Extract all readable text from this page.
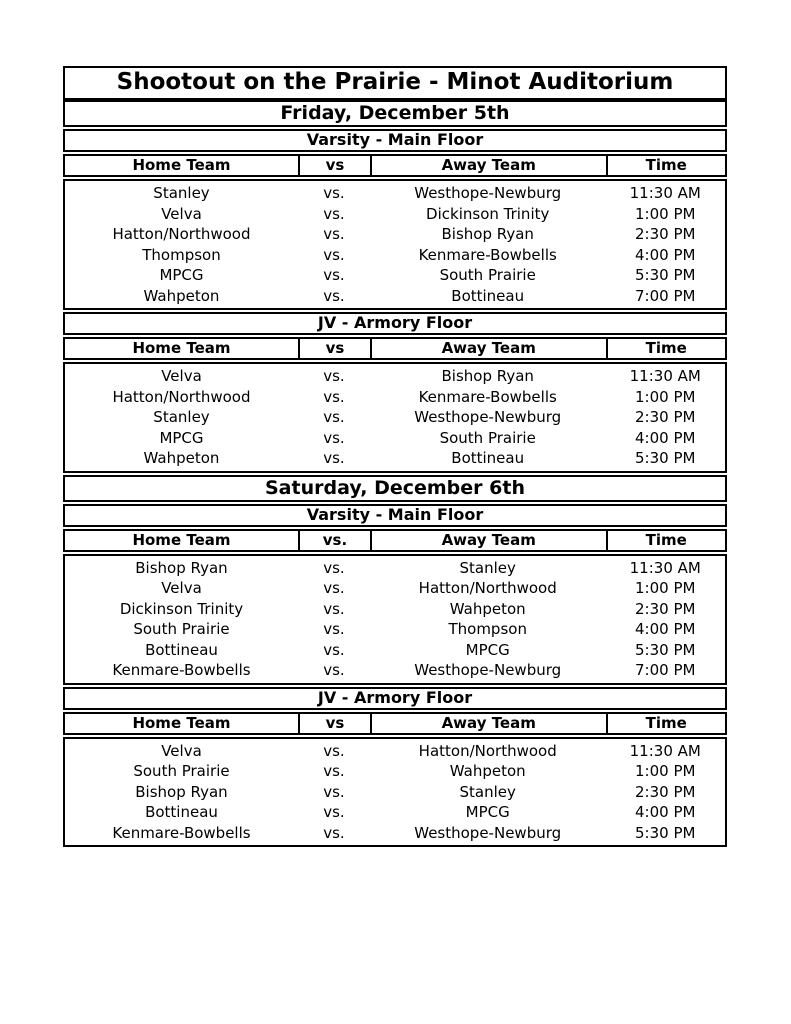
Shootout on the Prairie - Minot Auditorium
Friday, December 5th
Varsity - Main Floor
Home Team	vs	Away Team	Time
Stanley	vs.	Westhope-Newburg	11:30 AM
Velva	vs.	Dickinson Trinity	1:00 PM
Hatton/Northwood	vs.	Bishop Ryan	2:30 PM
Thompson	vs.	Kenmare-Bowbells	4:00 PM
MPCG	vs.	South Prairie	5:30 PM
Wahpeton	vs.	Bottineau	7:00 PM
JV - Armory Floor
Home Team	vs	Away Team	Time
Velva	vs.	Bishop Ryan	11:30 AM
Hatton/Northwood	vs.	Kenmare-Bowbells	1:00 PM
Stanley	vs.	Westhope-Newburg	2:30 PM
MPCG	vs.	South Prairie	4:00 PM
Wahpeton	vs.	Bottineau	5:30 PM
Saturday, December 6th
Varsity - Main Floor
Home Team	vs.	Away Team	Time
Bishop Ryan	vs.	Stanley	11:30 AM
Velva	vs.	Hatton/Northwood	1:00 PM
Dickinson Trinity	vs.	Wahpeton	2:30 PM
South Prairie	vs.	Thompson	4:00 PM
Bottineau	vs.	MPCG	5:30 PM
Kenmare-Bowbells	vs.	Westhope-Newburg	7:00 PM
JV - Armory Floor
Home Team	vs	Away Team	Time
Velva	vs.	Hatton/Northwood	11:30 AM
South Prairie	vs.	Wahpeton	1:00 PM
Bishop Ryan	vs.	Stanley	2:30 PM
Bottineau	vs.	MPCG	4:00 PM
Kenmare-Bowbells	vs.	Westhope-Newburg	5:30 PM
